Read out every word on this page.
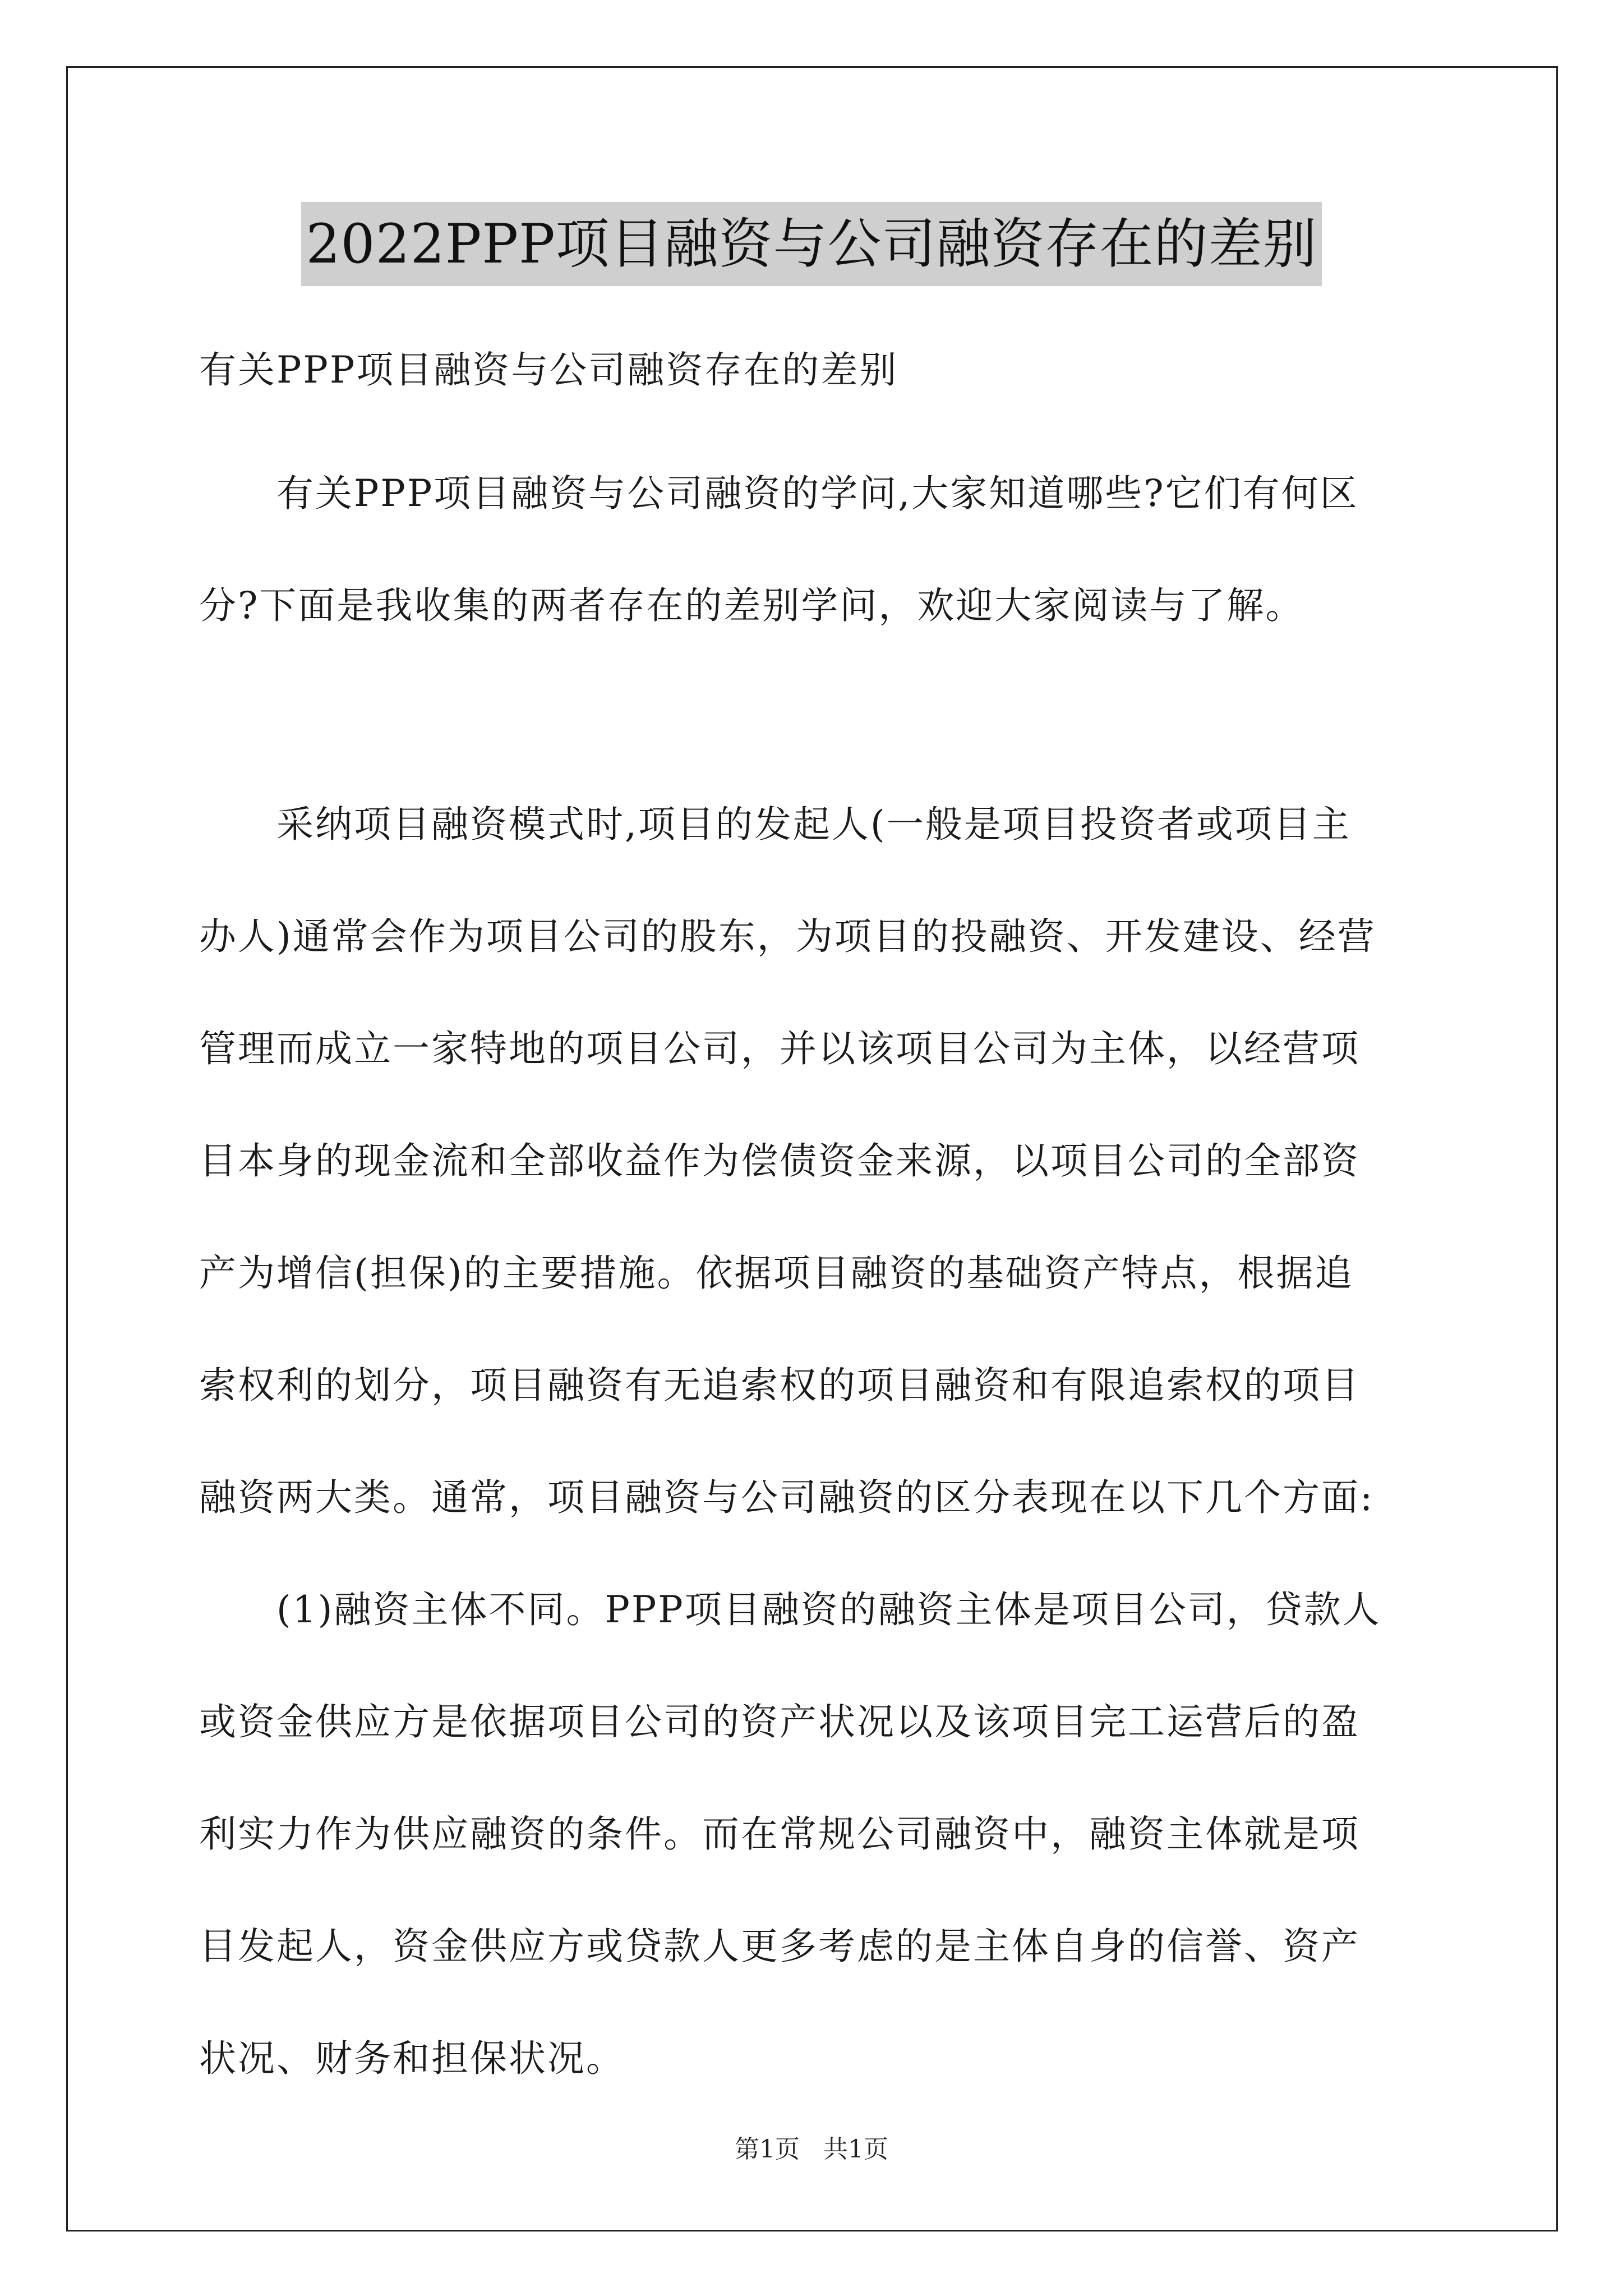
2022PPP项目融资与公司融资存在的差别

有关PPP项目融资与公司融资存在的差别

　　有关PPP项目融资与公司融资的学问,大家知道哪些?它们有何区

分?下面是我收集的两者存在的差别学问，欢迎大家阅读与了解。

　　采纳项目融资模式时,项目的发起人(一般是项目投资者或项目主

办人)通常会作为项目公司的股东，为项目的投融资、开发建设、经营

管理而成立一家特地的项目公司，并以该项目公司为主体，以经营项

目本身的现金流和全部收益作为偿债资金来源，以项目公司的全部资

产为增信(担保)的主要措施。依据项目融资的基础资产特点，根据追

索权利的划分，项目融资有无追索权的项目融资和有限追索权的项目

融资两大类。通常，项目融资与公司融资的区分表现在以下几个方面:

　　(1)融资主体不同。PPP项目融资的融资主体是项目公司，贷款人

或资金供应方是依据项目公司的资产状况以及该项目完工运营后的盈

利实力作为供应融资的条件。而在常规公司融资中，融资主体就是项

目发起人，资金供应方或贷款人更多考虑的是主体自身的信誉、资产

状况、财务和担保状况。

第1页 共1页
